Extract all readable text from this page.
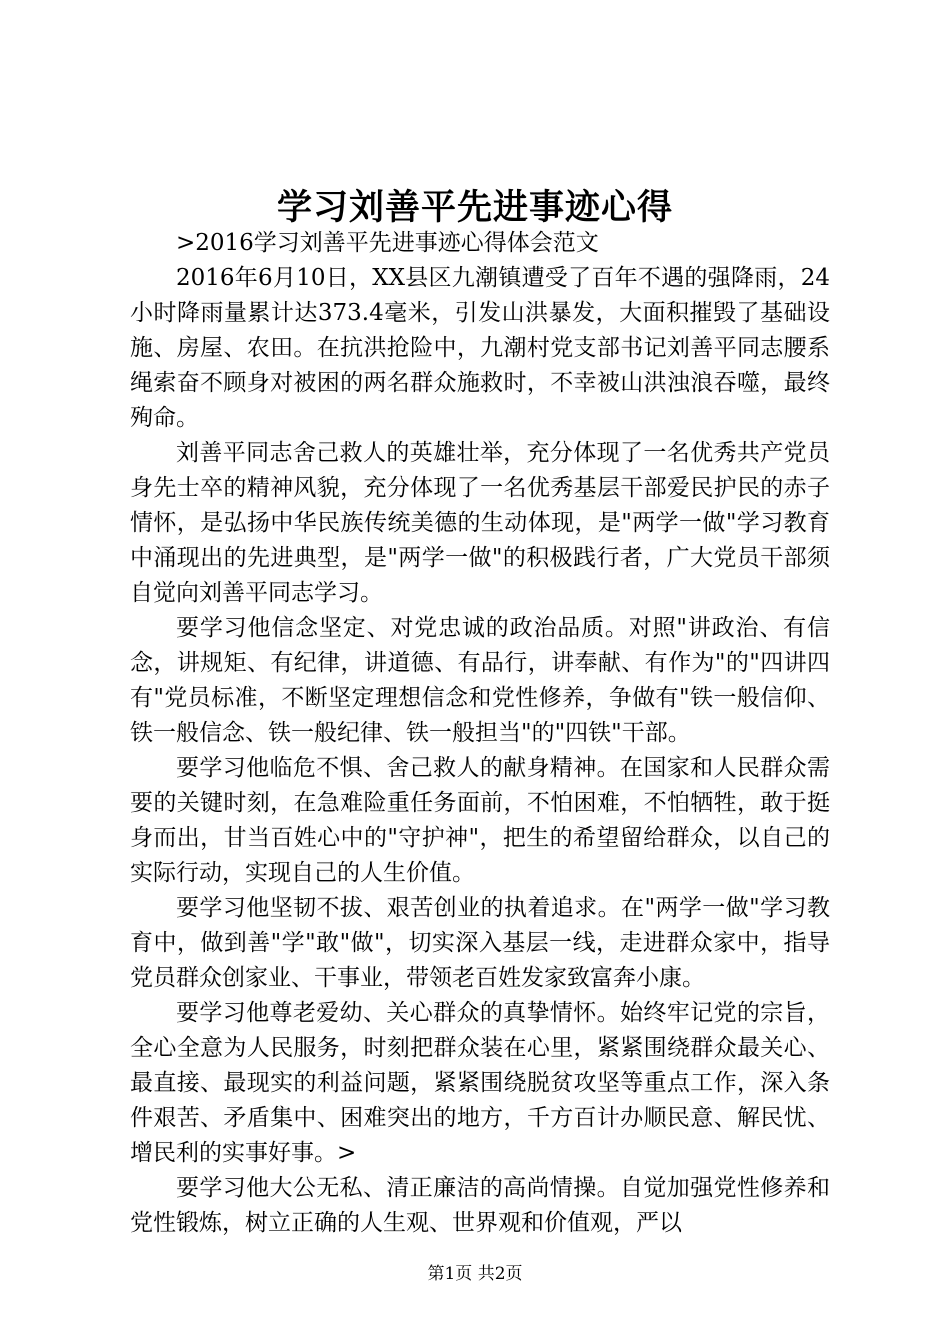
学习刘善平先进事迹心得

>2016学习刘善平先进事迹心得体会范文

2016年6月10日，XX县区九潮镇遭受了百年不遇的强降雨，24小时降雨量累计达373.4毫米，引发山洪暴发，大面积摧毁了基础设施、房屋、农田。在抗洪抢险中，九潮村党支部书记刘善平同志腰系绳索奋不顾身对被困的两名群众施救时，不幸被山洪浊浪吞噬，最终殉命。

刘善平同志舍己救人的英雄壮举，充分体现了一名优秀共产党员身先士卒的精神风貌，充分体现了一名优秀基层干部爱民护民的赤子情怀，是弘扬中华民族传统美德的生动体现，是"两学一做"学习教育中涌现出的先进典型，是"两学一做"的积极践行者，广大党员干部须自觉向刘善平同志学习。

要学习他信念坚定、对党忠诚的政治品质。对照"讲政治、有信念，讲规矩、有纪律，讲道德、有品行，讲奉献、有作为"的"四讲四有"党员标准，不断坚定理想信念和党性修养，争做有"铁一般信仰、铁一般信念、铁一般纪律、铁一般担当"的"四铁"干部。

要学习他临危不惧、舍己救人的献身精神。在国家和人民群众需要的关键时刻，在急难险重任务面前，不怕困难，不怕牺牲，敢于挺身而出，甘当百姓心中的"守护神"，把生的希望留给群众，以自己的实际行动，实现自己的人生价值。

要学习他坚韧不拔、艰苦创业的执着追求。在"两学一做"学习教育中，做到善"学"敢"做"，切实深入基层一线，走进群众家中，指导党员群众创家业、干事业，带领老百姓发家致富奔小康。

要学习他尊老爱幼、关心群众的真挚情怀。始终牢记党的宗旨，全心全意为人民服务，时刻把群众装在心里，紧紧围绕群众最关心、最直接、最现实的利益问题，紧紧围绕脱贫攻坚等重点工作，深入条件艰苦、矛盾集中、困难突出的地方，千方百计办顺民意、解民忧、增民利的实事好事。>

要学习他大公无私、清正廉洁的高尚情操。自觉加强党性修养和党性锻炼，树立正确的人生观、世界观和价值观，严以

第1页 共2页
